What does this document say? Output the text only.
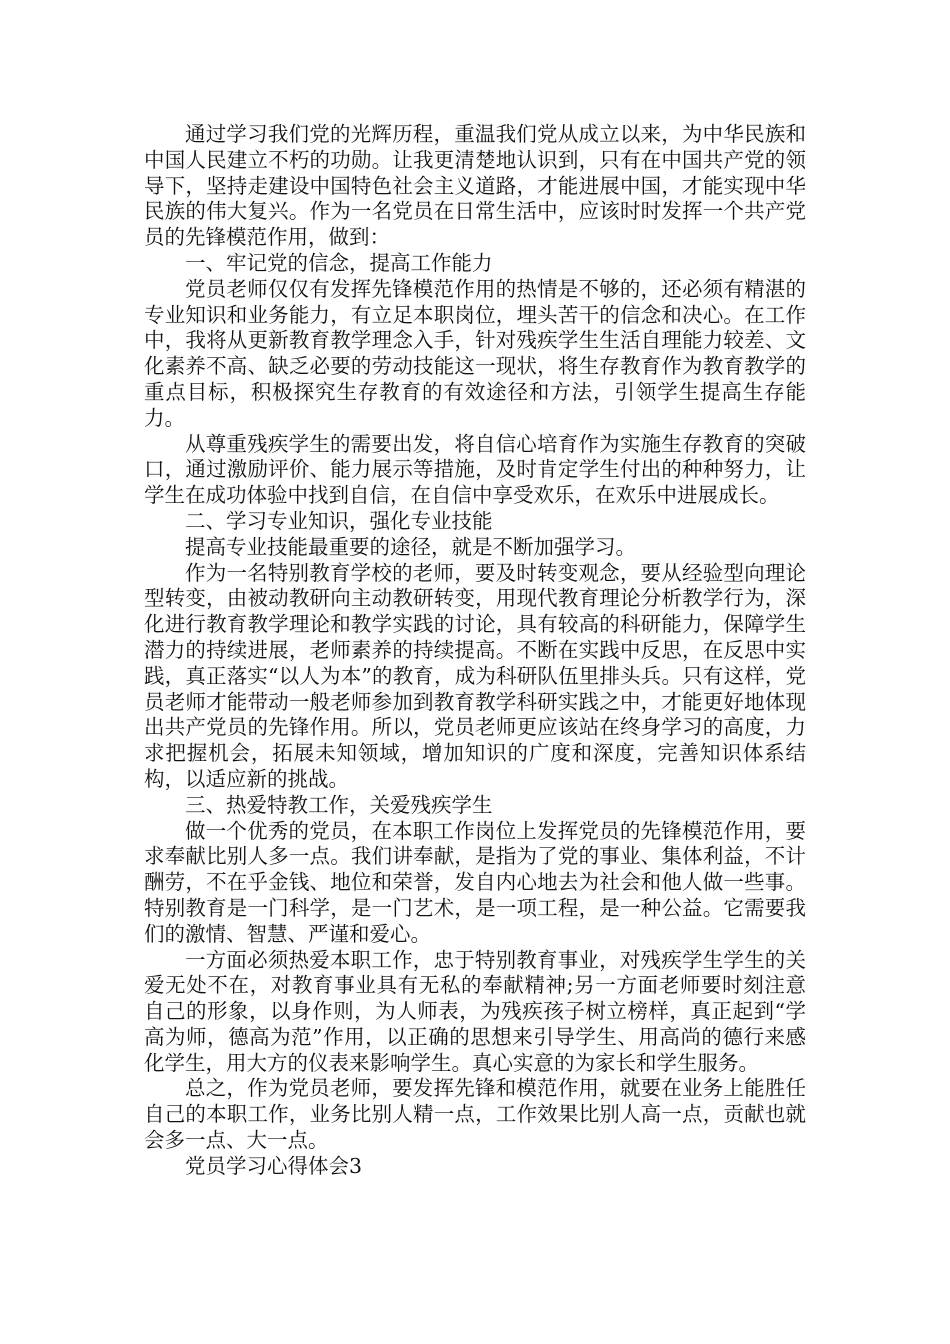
通过学习我们党的光辉历程，重温我们党从成立以来，为中华民族和中国人民建立不朽的功勋。让我更清楚地认识到，只有在中国共产党的领导下，坚持走建设中国特色社会主义道路，才能进展中国，才能实现中华民族的伟大复兴。作为一名党员在日常生活中，应该时时发挥一个共产党员的先锋模范作用，做到：

一、牢记党的信念，提高工作能力

党员老师仅仅有发挥先锋模范作用的热情是不够的，还必须有精湛的专业知识和业务能力，有立足本职岗位，埋头苦干的信念和决心。在工作中，我将从更新教育教学理念入手，针对残疾学生生活自理能力较差、文化素养不高、缺乏必要的劳动技能这一现状，将生存教育作为教育教学的重点目标，积极探究生存教育的有效途径和方法，引领学生提高生存能力。

从尊重残疾学生的需要出发，将自信心培育作为实施生存教育的突破口，通过激励评价、能力展示等措施，及时肯定学生付出的种种努力，让学生在成功体验中找到自信，在自信中享受欢乐，在欢乐中进展成长。

二、学习专业知识，强化专业技能

提高专业技能最重要的途径，就是不断加强学习。

作为一名特别教育学校的老师，要及时转变观念，要从经验型向理论型转变，由被动教研向主动教研转变，用现代教育理论分析教学行为，深化进行教育教学理论和教学实践的讨论，具有较高的科研能力，保障学生潜力的持续进展，老师素养的持续提高。不断在实践中反思，在反思中实践，真正落实“以人为本”的教育，成为科研队伍里排头兵。只有这样，党员老师才能带动一般老师参加到教育教学科研实践之中，才能更好地体现出共产党员的先锋作用。所以，党员老师更应该站在终身学习的高度，力求把握机会，拓展未知领域，增加知识的广度和深度，完善知识体系结构，以适应新的挑战。

三、热爱特教工作，关爱残疾学生

做一个优秀的党员，在本职工作岗位上发挥党员的先锋模范作用，要求奉献比别人多一点。我们讲奉献，是指为了党的事业、集体利益，不计酬劳，不在乎金钱、地位和荣誉，发自内心地去为社会和他人做一些事。特别教育是一门科学，是一门艺术，是一项工程，是一种公益。它需要我们的激情、智慧、严谨和爱心。

一方面必须热爱本职工作，忠于特别教育事业，对残疾学生学生的关爱无处不在，对教育事业具有无私的奉献精神;另一方面老师要时刻注意自己的形象，以身作则，为人师表，为残疾孩子树立榜样，真正起到“学高为师，德高为范”作用，以正确的思想来引导学生、用高尚的德行来感化学生，用大方的仪表来影响学生。真心实意的为家长和学生服务。

总之，作为党员老师，要发挥先锋和模范作用，就要在业务上能胜任自己的本职工作，业务比别人精一点，工作效果比别人高一点，贡献也就会多一点、大一点。

党员学习心得体会3
